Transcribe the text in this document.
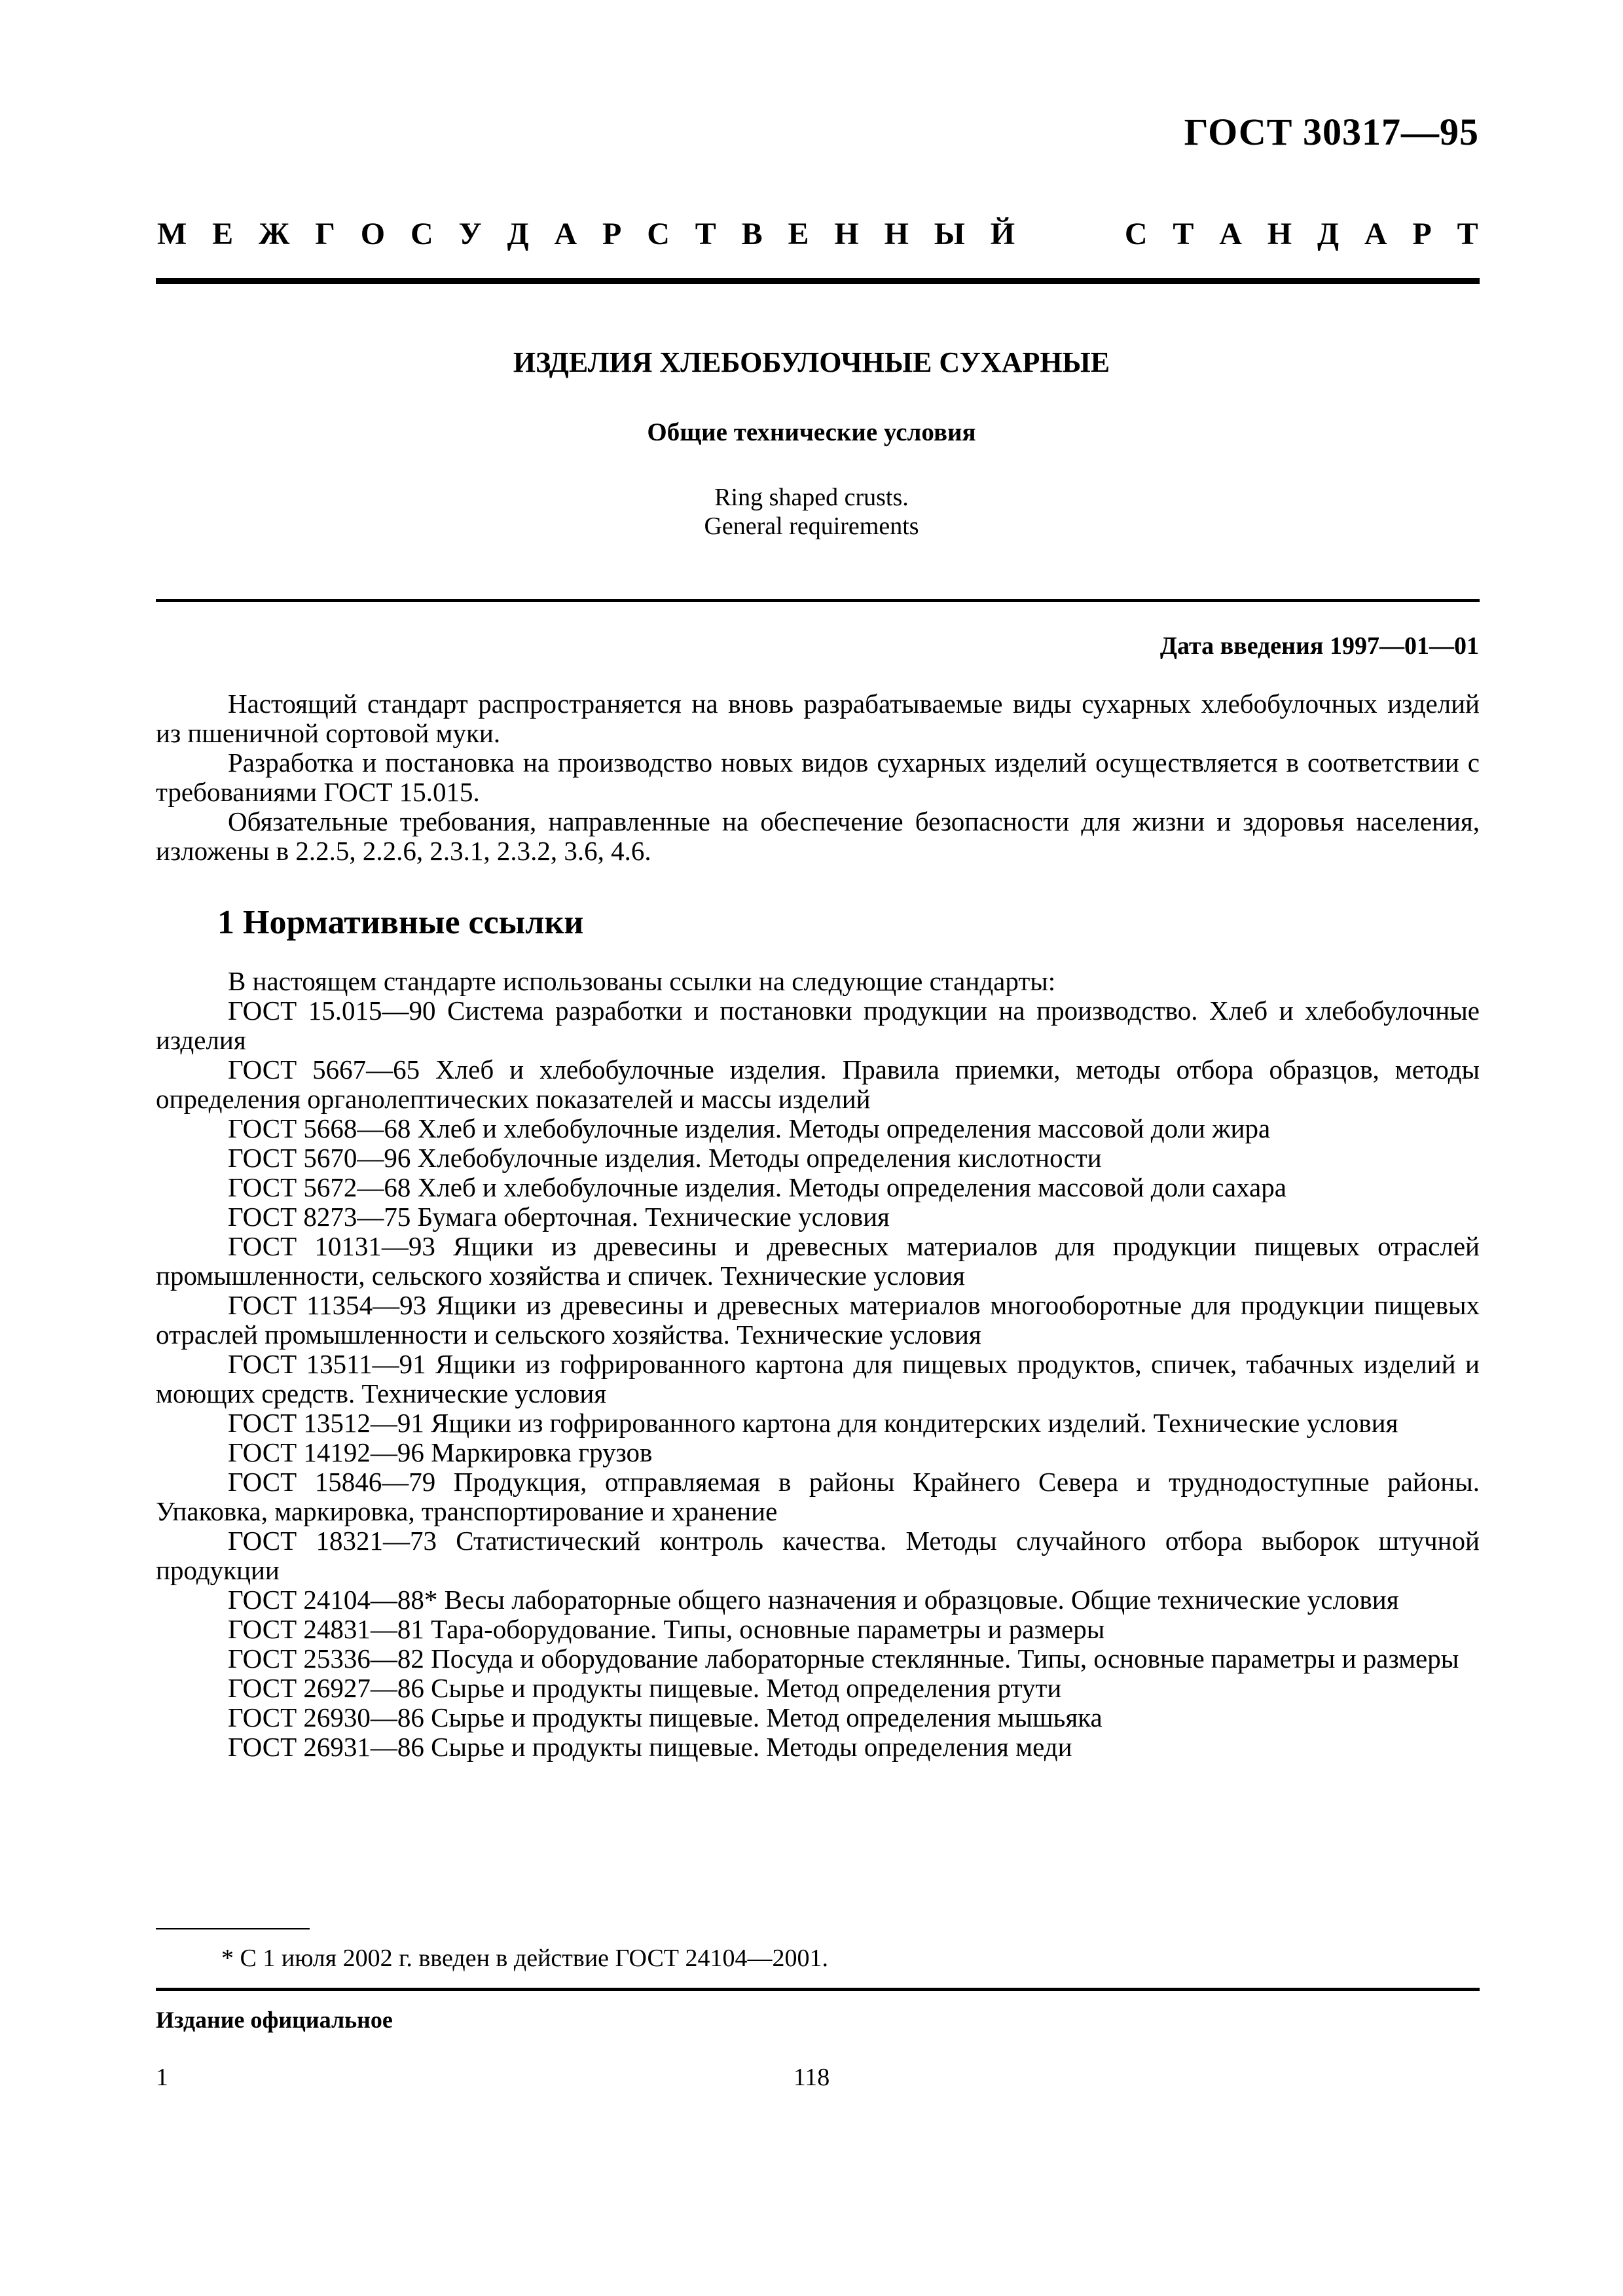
ГОСТ 30317—95
М Е Ж Г О С У Д А Р С Т В Е Н Н Ы Й	С Т А Н Д А Р Т
ИЗДЕЛИЯ ХЛЕБОБУЛОЧНЫЕ СУХАРНЫЕ
Общие технические условия
Ring shaped crusts.
General requirements
Дата введения 1997—01—01

Настоящий стандарт распространяется на вновь разрабатываемые виды сухарных хлебобулочных изделий из пшеничной сортовой муки.

Разработка и постановка на производство новых видов сухарных изделий осуществляется в соответствии с требованиями ГОСТ 15.015.

Обязательные требования, направленные на обеспечение безопасности для жизни и здоровья населения, изложены в 2.2.5, 2.2.6, 2.3.1, 2.3.2, 3.6, 4.6.

1 Нормативные ссылки

В настоящем стандарте использованы ссылки на следующие стандарты:

ГОСТ 15.015—90 Система разработки и постановки продукции на производство. Хлеб и хлебобулочные изделия

ГОСТ 5667—65 Хлеб и хлебобулочные изделия. Правила приемки, методы отбора образцов, методы определения органолептических показателей и массы изделий

ГОСТ 5668—68 Хлеб и хлебобулочные изделия. Методы определения массовой доли жира

ГОСТ 5670—96 Хлебобулочные изделия. Методы определения кислотности

ГОСТ 5672—68 Хлеб и хлебобулочные изделия. Методы определения массовой доли сахара

ГОСТ 8273—75 Бумага оберточная. Технические условия

ГОСТ 10131—93 Ящики из древесины и древесных материалов для продукции пищевых отраслей промышленности, сельского хозяйства и спичек. Технические условия

ГОСТ 11354—93 Ящики из древесины и древесных материалов многооборотные для продукции пищевых отраслей промышленности и сельского хозяйства. Технические условия

ГОСТ 13511—91 Ящики из гофрированного картона для пищевых продуктов, спичек, табачных изделий и моющих средств. Технические условия

ГОСТ 13512—91 Ящики из гофрированного картона для кондитерских изделий. Технические условия

ГОСТ 14192—96 Маркировка грузов

ГОСТ 15846—79 Продукция, отправляемая в районы Крайнего Севера и труднодоступные районы. Упаковка, маркировка, транспортирование и хранение

ГОСТ 18321—73 Статистический контроль качества. Методы случайного отбора выборок штучной продукции

ГОСТ 24104—88* Весы лабораторные общего назначения и образцовые. Общие технические условия

ГОСТ 24831—81 Тара-оборудование. Типы, основные параметры и размеры

ГОСТ 25336—82 Посуда и оборудование лабораторные стеклянные. Типы, основные параметры и размеры

ГОСТ 26927—86 Сырье и продукты пищевые. Метод определения ртути

ГОСТ 26930—86 Сырье и продукты пищевые. Метод определения мышьяка

ГОСТ 26931—86 Сырье и продукты пищевые. Методы определения меди

* С 1 июля 2002 г. введен в действие ГОСТ 24104—2001.
Издание официальное
1	118
